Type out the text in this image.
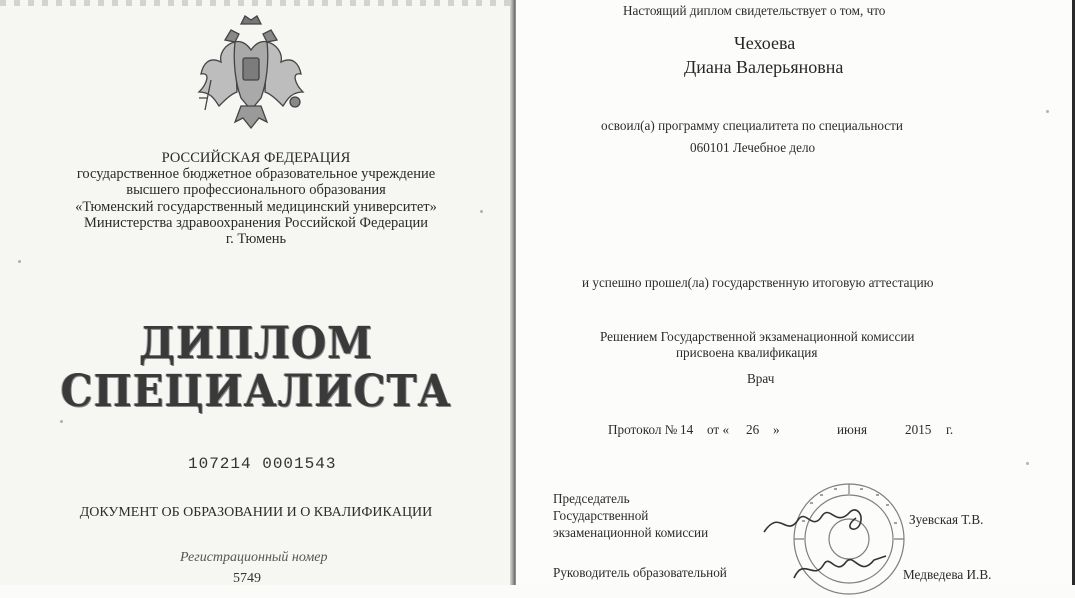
РОССИЙСКАЯ ФЕДЕРАЦИЯ
государственное бюджетное образовательное учреждение
высшего профессионального образования
«Тюменский государственный медицинский университет»
Министерства здравоохранения Российской Федерации
г. Тюмень
ДИПЛОМ
СПЕЦИАЛИСТА
107214 0001543
ДОКУМЕНТ ОБ ОБРАЗОВАНИИ И О КВАЛИФИКАЦИИ
Регистрационный номер
5749
Настоящий диплом свидетельствует о том, что
Чехоева
Диана Валерьяновна
освоил(а) программу специалитета по специальности
060101 Лечебное дело
и успешно прошел(ла) государственную итоговую аттестацию
Решением Государственной экзаменационной комиссии
присвоена квалификация
Врач
Протокол № 14 от « 26 »	июня	2015 г.
Председатель
Государственной
экзаменационной комиссии
Зуевская Т.В.
Руководитель образовательной	Медведева И.В.
